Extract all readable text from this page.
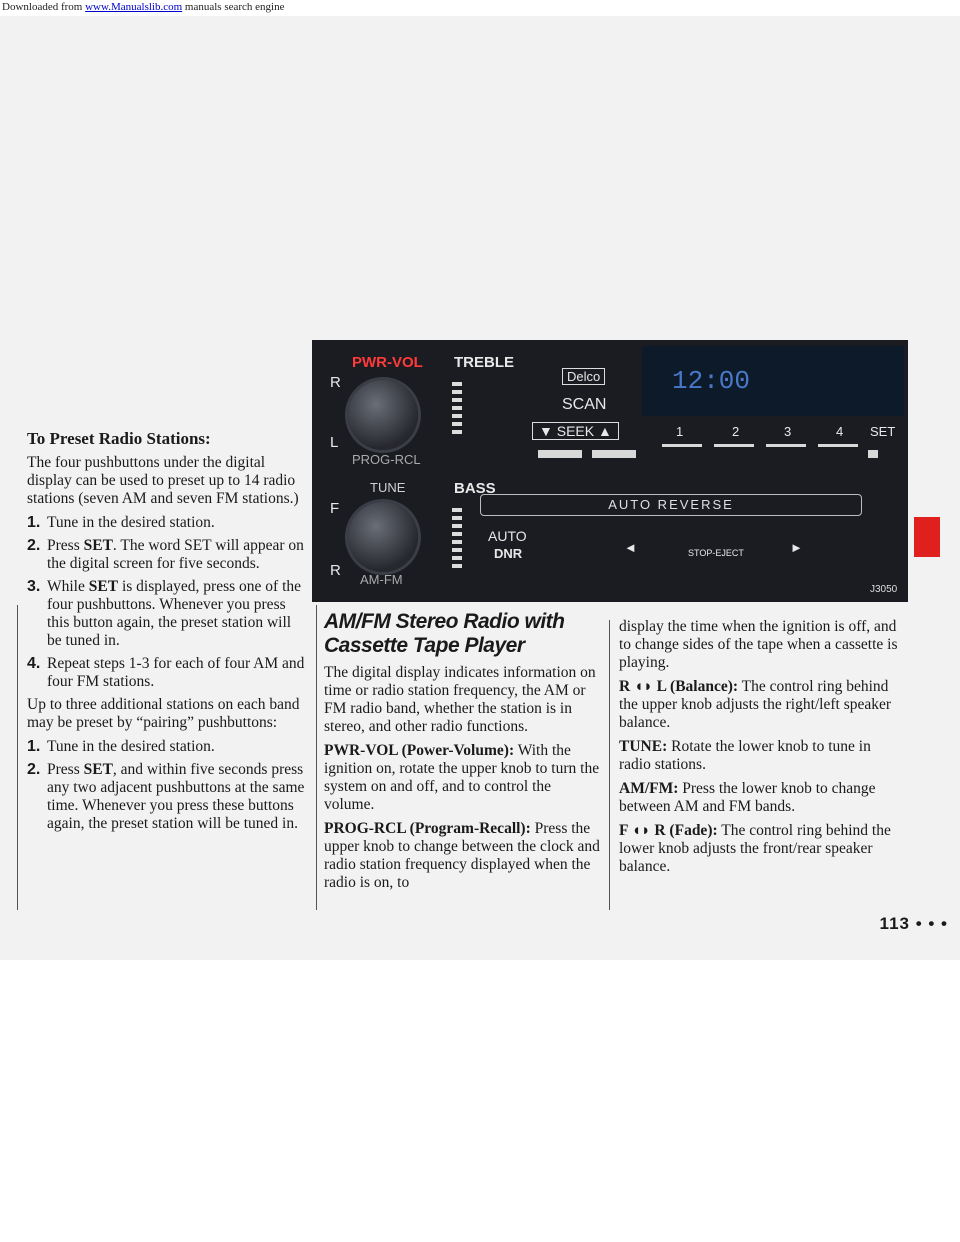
Downloaded from www.Manualslib.com manuals search engine

To Preset Radio Stations:

The four pushbuttons under the digital display can be used to preset up to 14 radio stations (seven AM and seven FM stations.)

1. Tune in the desired station.
2. Press SET. The word SET will appear on the digital screen for five seconds.
3. While SET is displayed, press one of the four pushbuttons. Whenever you press this button again, the preset station will be tuned in.
4. Repeat steps 1-3 for each of four AM and four FM stations.

Up to three additional stations on each band may be preset by “pairing” pushbuttons:

1. Tune in the desired station.
2. Press SET, and within five seconds press any two adjacent pushbuttons at the same time. Whenever you press these buttons again, the preset station will be tuned in.
PWR-VOL TREBLE
R
L
PROG-RCL
TUNE	BASS
F
R
AM-FM
Delco
SCAN
▼ SEEK ▲
12:00
1	2	3	4 SET
AUTO REVERSE
AUTO
DNR	◄	STOP-EJECT	►
J3050

AM/FM Stereo Radio with
Cassette Tape Player

The digital display indicates information on time or radio station frequency, the AM or FM radio band, whether the station is in stereo, and other radio functions.

PWR-VOL (Power-Volume): With the ignition on, rotate the upper knob to turn the system on and off, and to control the volume.

PROG-RCL (Program-Recall): Press the upper knob to change between the clock and radio station frequency displayed when the radio is on, to

display the time when the ignition is off, and to change sides of the tape when a cassette is playing.

R ◖◗ L (Balance): The control ring behind the upper knob adjusts the right/left speaker balance.

TUNE: Rotate the lower knob to tune in radio stations.

AM/FM: Press the lower knob to change between AM and FM bands.

F ◖◗ R (Fade): The control ring behind the lower knob adjusts the front/rear speaker balance.

113 • • •
